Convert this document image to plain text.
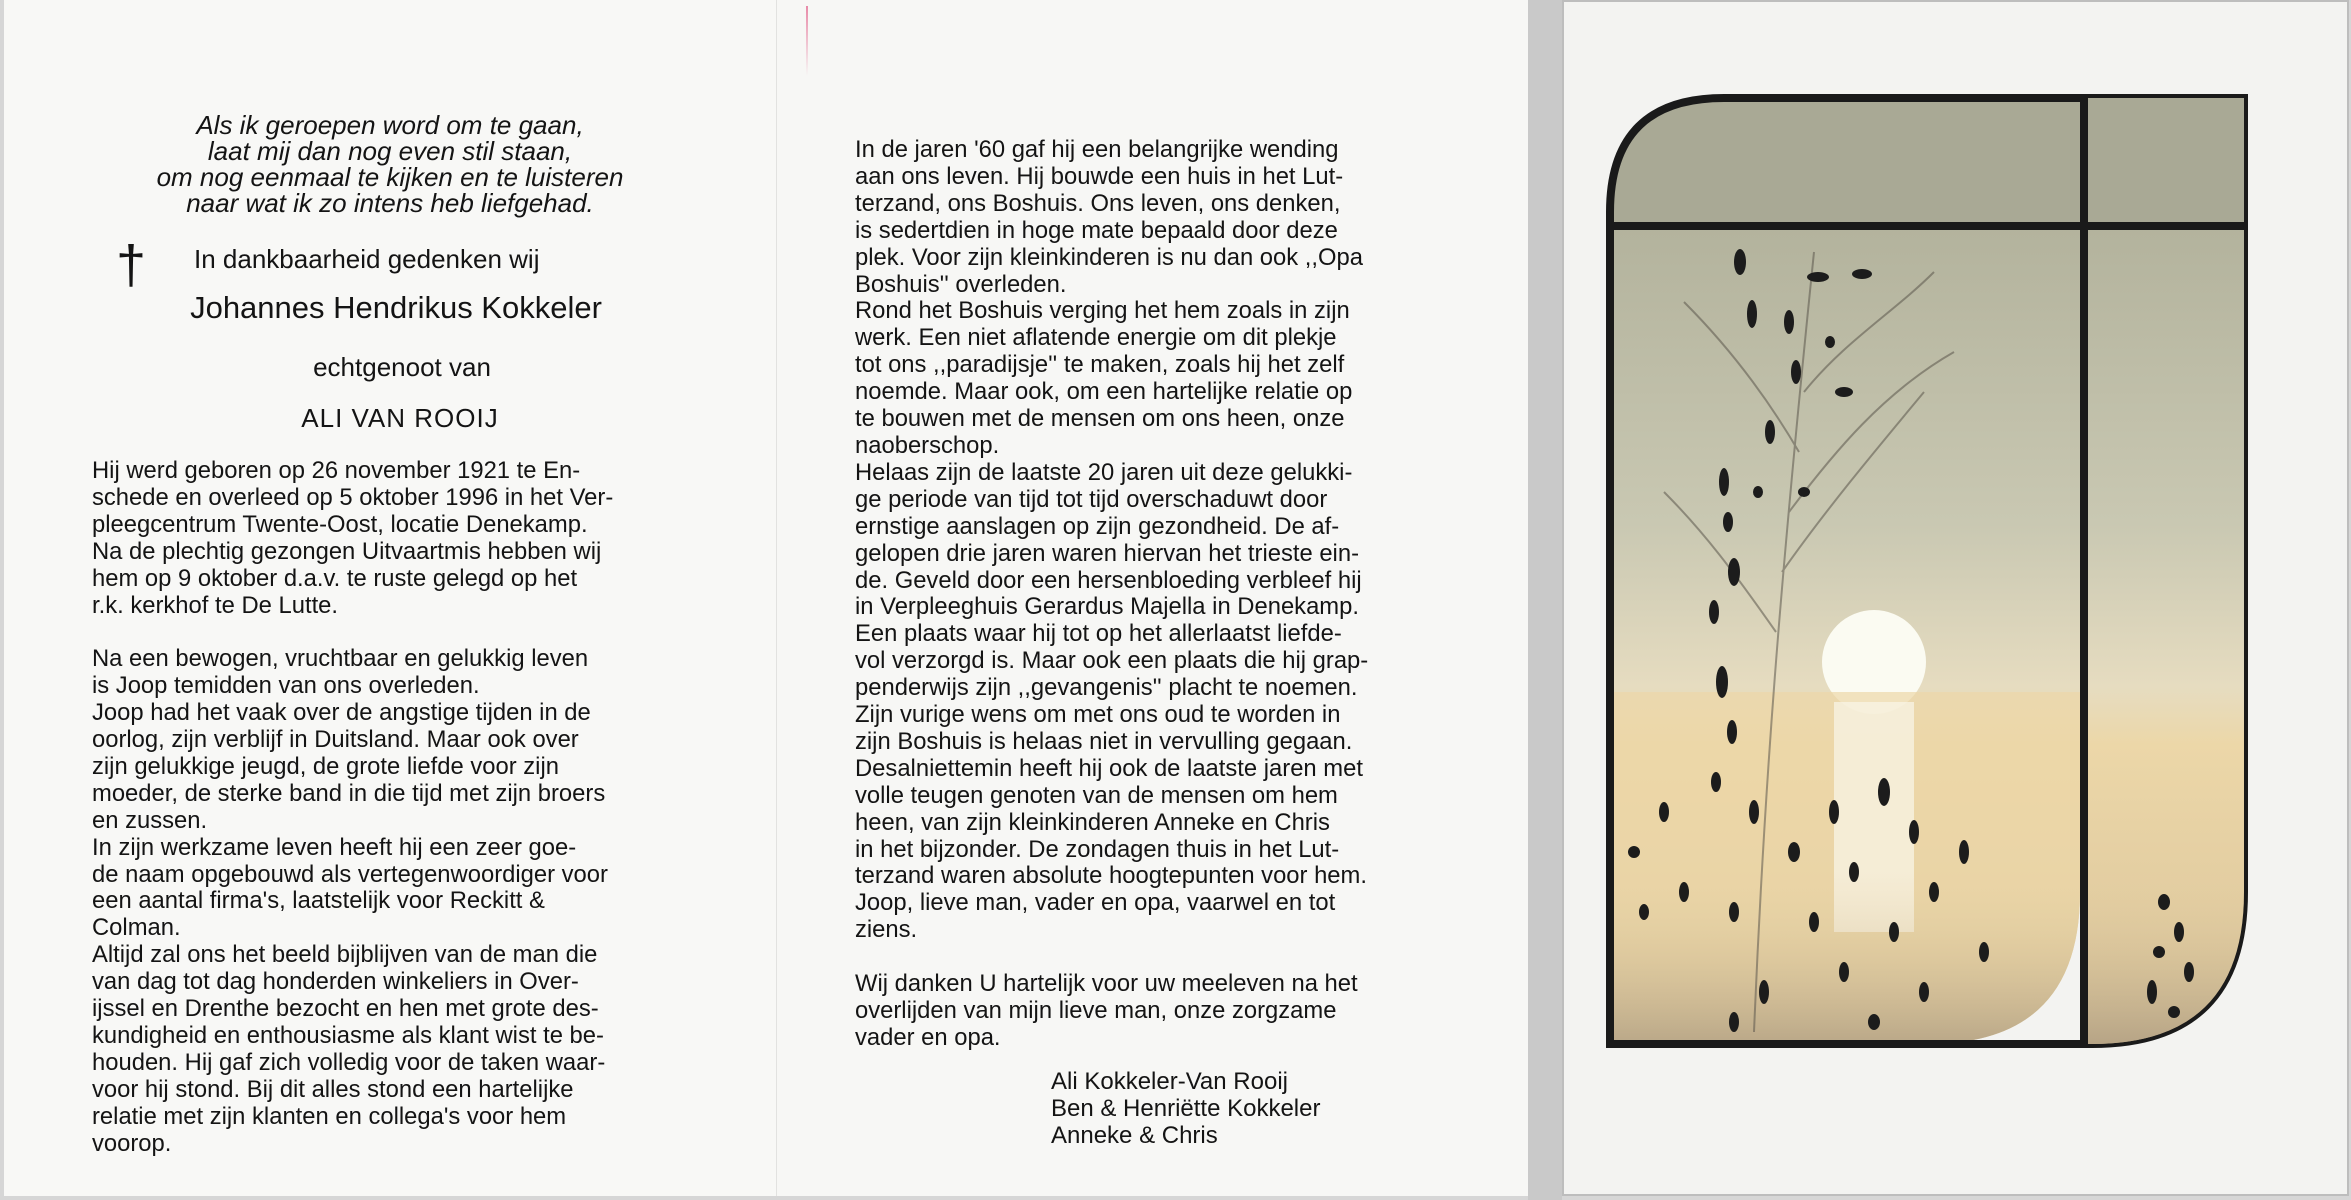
Als ik geroepen word om te gaan,
laat mij dan nog even stil staan,
om nog eenmaal te kijken en te luisteren
naar wat ik zo intens heb liefgehad.
† In dankbaarheid gedenken wij
Johannes Hendrikus Kokkeler
echtgenoot van
ALI VAN ROOIJ
Hij werd geboren op 26 november 1921 te En-
schede en overleed op 5 oktober 1996 in het Ver-
pleegcentrum Twente-Oost, locatie Denekamp.
Na de plechtig gezongen Uitvaartmis hebben wij
hem op 9 oktober d.a.v. te ruste gelegd op het
r.k. kerkhof te De Lutte.
Na een bewogen, vruchtbaar en gelukkig leven
is Joop temidden van ons overleden.
Joop had het vaak over de angstige tijden in de
oorlog, zijn verblijf in Duitsland. Maar ook over
zijn gelukkige jeugd, de grote liefde voor zijn
moeder, de sterke band in die tijd met zijn broers
en zussen.
In zijn werkzame leven heeft hij een zeer goe-
de naam opgebouwd als vertegenwoordiger voor
een aantal firma's, laatstelijk voor Reckitt &
Colman.
Altijd zal ons het beeld bijblijven van de man die
van dag tot dag honderden winkeliers in Over-
ijssel en Drenthe bezocht en hen met grote des-
kundigheid en enthousiasme als klant wist te be-
houden. Hij gaf zich volledig voor de taken waar-
voor hij stond. Bij dit alles stond een hartelijke
relatie met zijn klanten en collega's voor hem
voorop.
In de jaren '60 gaf hij een belangrijke wending
aan ons leven. Hij bouwde een huis in het Lut-
terzand, ons Boshuis. Ons leven, ons denken,
is sedertdien in hoge mate bepaald door deze
plek. Voor zijn kleinkinderen is nu dan ook ,,Opa
Boshuis'' overleden.
Rond het Boshuis verging het hem zoals in zijn
werk. Een niet aflatende energie om dit plekje
tot ons ,,paradijsje'' te maken, zoals hij het zelf
noemde. Maar ook, om een hartelijke relatie op
te bouwen met de mensen om ons heen, onze
naoberschop.
Helaas zijn de laatste 20 jaren uit deze gelukki-
ge periode van tijd tot tijd overschaduwt door
ernstige aanslagen op zijn gezondheid. De af-
gelopen drie jaren waren hiervan het trieste ein-
de. Geveld door een hersenbloeding verbleef hij
in Verpleeghuis Gerardus Majella in Denekamp.
Een plaats waar hij tot op het allerlaatst liefde-
vol verzorgd is. Maar ook een plaats die hij grap-
penderwijs zijn ,,gevangenis'' placht te noemen.
Zijn vurige wens om met ons oud te worden in
zijn Boshuis is helaas niet in vervulling gegaan.
Desalniettemin heeft hij ook de laatste jaren met
volle teugen genoten van de mensen om hem
heen, van zijn kleinkinderen Anneke en Chris
in het bijzonder. De zondagen thuis in het Lut-
terzand waren absolute hoogtepunten voor hem.
Joop, lieve man, vader en opa, vaarwel en tot
ziens.
Wij danken U hartelijk voor uw meeleven na het
overlijden van mijn lieve man, onze zorgzame
vader en opa.
Ali Kokkeler-Van Rooij
Ben & Henriëtte Kokkeler
Anneke & Chris
